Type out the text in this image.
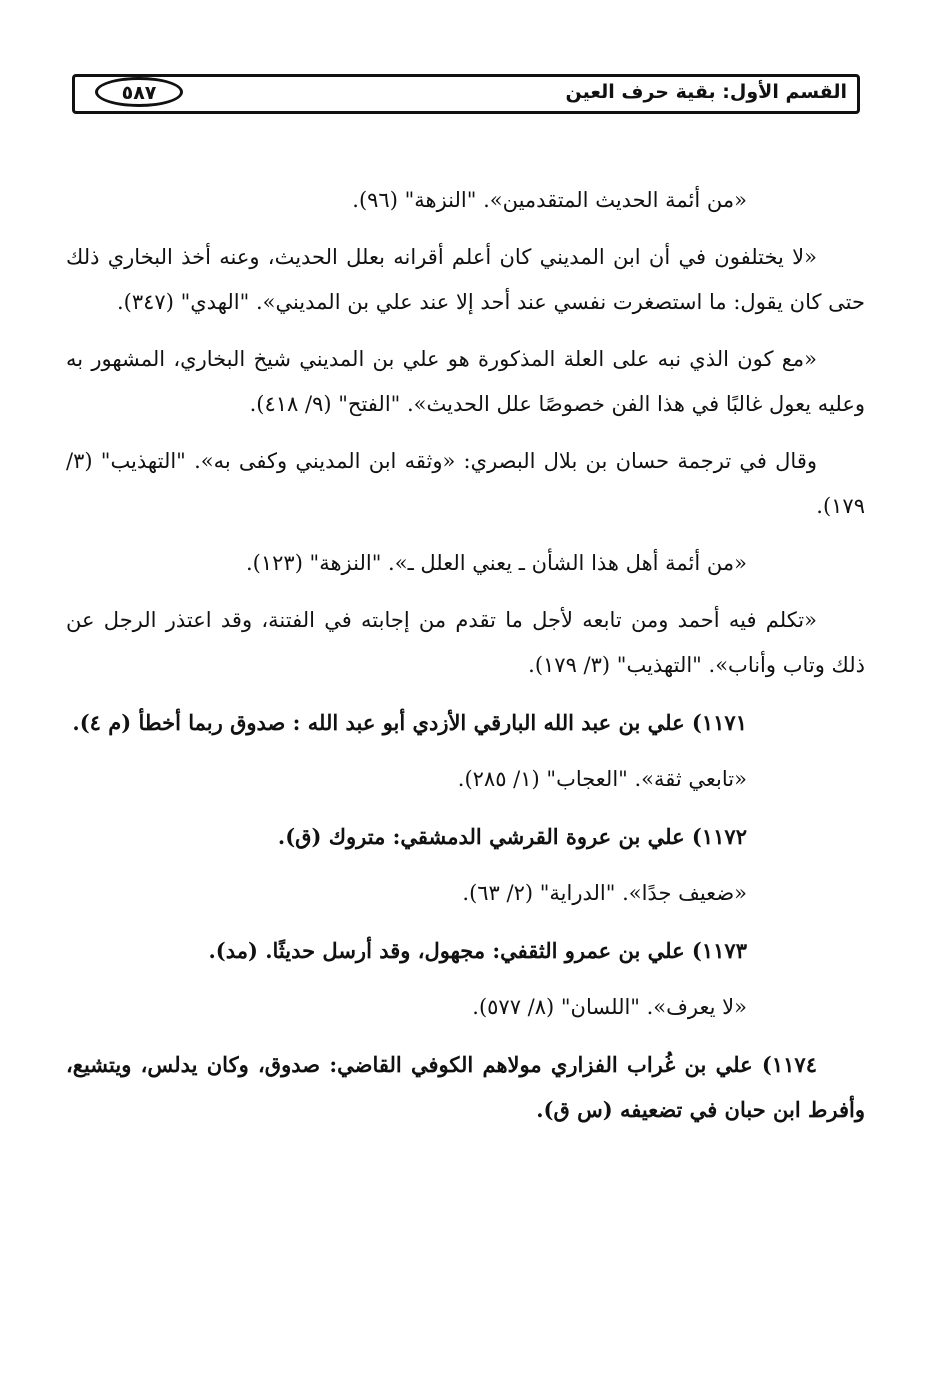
القسم الأول: بقية حرف العين
٥٨٧

«من أئمة الحديث المتقدمين». "النزهة" (٩٦).

«لا يختلفون في أن ابن المديني كان أعلم أقرانه بعلل الحديث، وعنه أخذ البخاري ذلك حتى كان يقول: ما استصغرت نفسي عند أحد إلا عند علي بن المديني». "الهدي" (٣٤٧).

«مع كون الذي نبه على العلة المذكورة هو علي بن المديني شيخ البخاري، المشهور به وعليه يعول غالبًا في هذا الفن خصوصًا علل الحديث». "الفتح" (٩/ ٤١٨).

وقال في ترجمة حسان بن بلال البصري: «وثقه ابن المديني وكفى به». "التهذيب" (٣/ ١٧٩).

«من أئمة أهل هذا الشأن ـ يعني العلل ـ». "النزهة" (١٢٣).

«تكلم فيه أحمد ومن تابعه لأجل ما تقدم من إجابته في الفتنة، وقد اعتذر الرجل عن ذلك وتاب وأناب». "التهذيب" (٣/ ١٧٩).

١١٧١) علي بن عبد الله البارقي الأزدي أبو عبد الله : صدوق ربما أخطأ (م ٤).

«تابعي ثقة». "العجاب" (١/ ٢٨٥).

١١٧٢) علي بن عروة القرشي الدمشقي: متروك (ق).

«ضعيف جدًا». "الدراية" (٢/ ٦٣).

١١٧٣) علي بن عمرو الثقفي: مجهول، وقد أرسل حديثًا. (مد).

«لا يعرف». "اللسان" (٨/ ٥٧٧).

١١٧٤) علي بن غُراب الفزاري مولاهم الكوفي القاضي: صدوق، وكان يدلس، ويتشيع، وأفرط ابن حبان في تضعيفه (س ق).
